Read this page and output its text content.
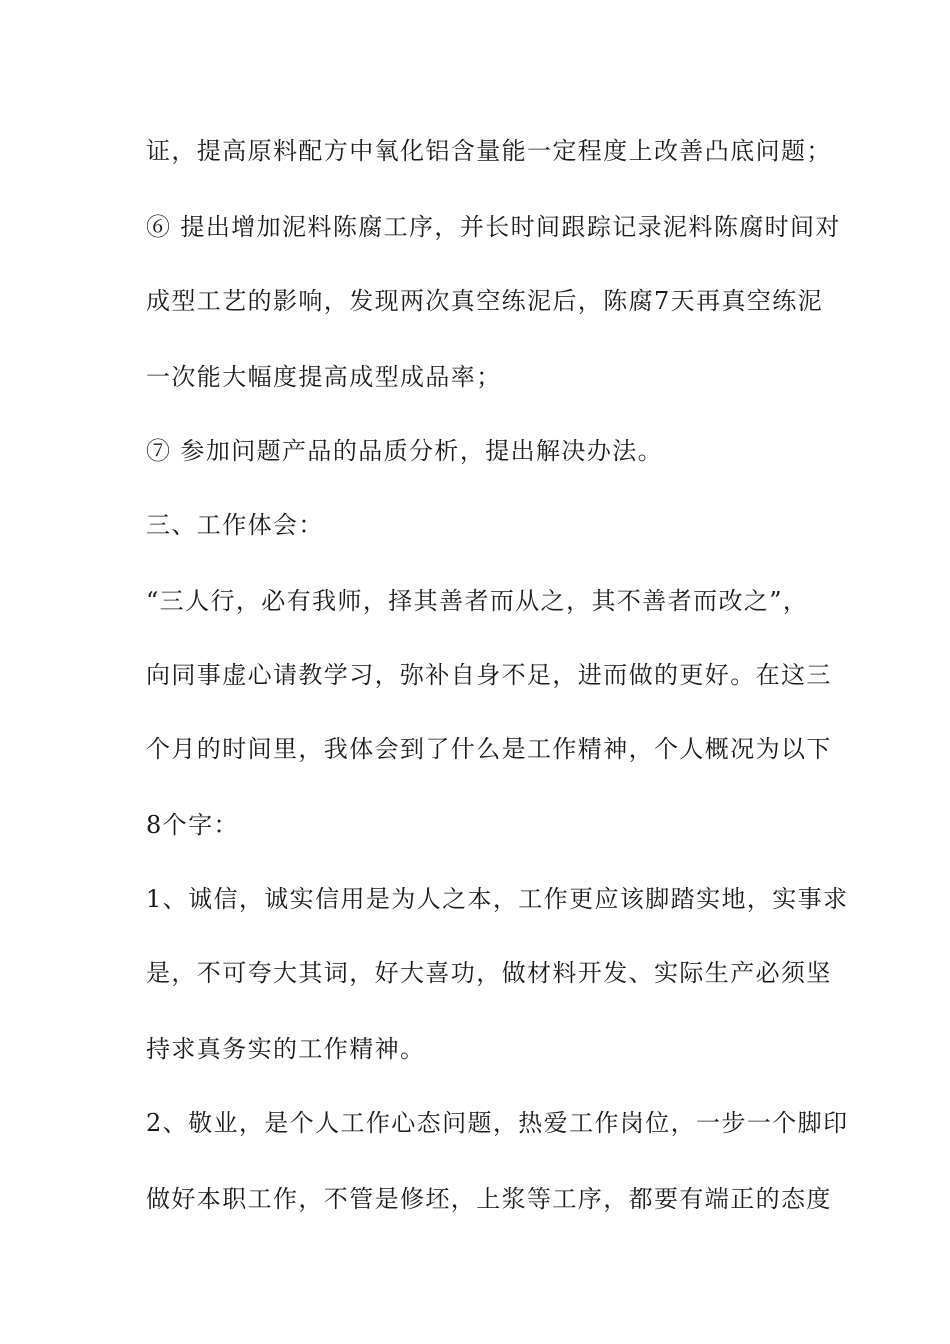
证，提高原料配方中氧化铝含量能一定程度上改善凸底问题；
⑥ 提出增加泥料陈腐工序，并长时间跟踪记录泥料陈腐时间对
成型工艺的影响，发现两次真空练泥后，陈腐7天再真空练泥
一次能大幅度提高成型成品率；
⑦ 参加问题产品的品质分析，提出解决办法。
三、工作体会：
“三人行，必有我师，择其善者而从之，其不善者而改之”，
向同事虚心请教学习，弥补自身不足，进而做的更好。在这三
个月的时间里，我体会到了什么是工作精神，个人概况为以下
8个字：
1、诚信，诚实信用是为人之本，工作更应该脚踏实地，实事求
是，不可夸大其词，好大喜功，做材料开发、实际生产必须坚
持求真务实的工作精神。
2、敬业，是个人工作心态问题，热爱工作岗位，一步一个脚印
做好本职工作，不管是修坯，上浆等工序，都要有端正的态度
